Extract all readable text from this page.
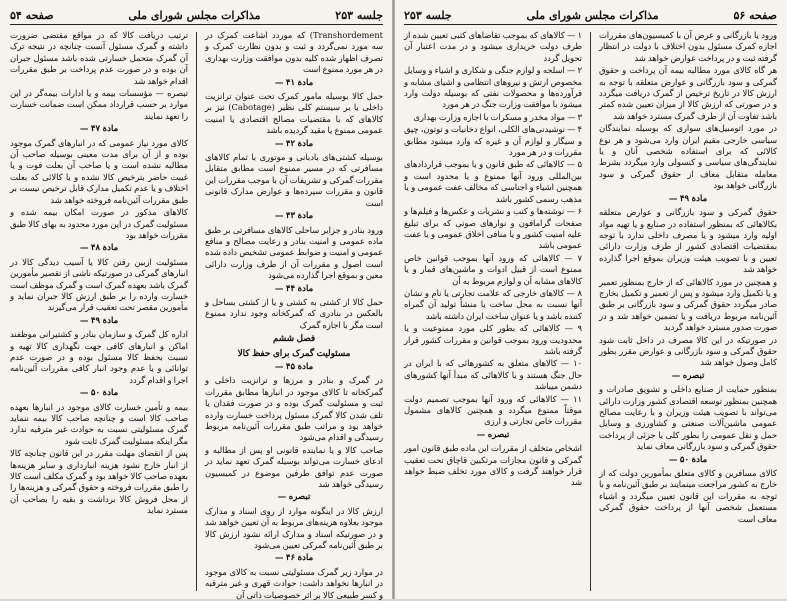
جلسه ۲۵۳
مذاکرات مجلس شورای ملی
صفحه ۵۴

Transhordement) که موردد اشاعت کمرک در سه مورد نمی‌گردد و ثبت و بدون نظارت کمرک و تصرف اظهار شده کلیه بدون موافقت وزارت بهداری در هر مورد ممنوع است

مادة ۴۱ —

حمل کالا بوسیله مامور کمرک تحت عنوان ترانزیت داخلی یا بر سیستم کلی نظیر (Cabotage) نیز بر کالاهای که با مقتضیات مصالح اقتصادی یا امنیت عمومی ممنوع یا مقید گردیده باشد

مادة ۴۲ —

بوسیله کشتی‌های بادبانی و موتوری با تمام کالاهای مسافرتی که در مسیر ممنوع است مطابق متقابل مقررات گمرکی و تشریفات آن با موجب مقررات این قانون و مقررات سپرده‌ها و عوارض مدارک قانونی است

مادة ۴۳ —

ورود بنادر و جزایر ساحلی کالاهای مسافرتی بر طبق ماده عمومی و امنیت بنادر و رعایت مصالح و منافع عمومی و امنیت و ضوابط عمومی تشخیص داده شده است اصول و مقررات آن از طرف وزارت دارائی معین و بموقع اجرا گذارده می‌شود

مادة ۴۴ —

حمل کالا از کشتی به کشتی و یا از کشتی بساحل و بالعکس در بنادری که گمرکخانه وجود ندارد ممنوع است مگر با اجازه گمرک

فصل ششم
مسئولیت گمرک برای حفظ کالا
مادة ۴۵ —

در گمرک و بنادر و مرزها و ترانزیت داخلی و گمرکخانه تا کالای موجود در انبارها مطابق مقررات ثبت و مسئولیت گمرک بوده و در صورت فقدان یا تلف شدن کالا گمرک مسئول پرداخت خسارت وارده خواهد بود و مراتب طبق مقررات آئین‌نامه مربوط رسیدگی و اقدام می‌شود

صاحب کالا و یا نماینده قانونی او پس از مطالبه و ادعای خسارت می‌تواند بوسیله گمرک تعهد نماید در صورت عدم توافق طرفین موضوع در کمیسیون رسیدگی خواهد شد

تبصره —

ارزش کالا در اینگونه موارد از روی اسناد و مدارک موجود بعلاوه هزینه‌های مربوط به آن تعیین خواهد شد و در صورتیکه اسناد و مدارک ارائه نشود ارزش کالا بر طبق آئین‌نامه گمرکی تعیین می‌شود

مادة ۴۶ —

در موارد زیر گمرک مسئولیتی نسبت به کالای موجود در انبارها نخواهد داشت: حوادث قهری و غیر مترقبه و کسر طبیعی کالا بر اثر خصوصیات ذاتی آن

ترتیب دریافت کالا که در مواقع مقتضی ضرورت داشته و گمرک مسئول آنست چنانچه در نتیجه ترک آن گمرک متحمل خسارتی شده باشد مسئول جبران آن بوده و در صورت عدم پرداخت بر طبق مقررات اقدام خواهد شد

تبصره — مؤسسات بیمه و یا ادارات بیمه‌گر در این موارد بر حسب قرارداد ممکن است ضمانت خسارت را تعهد نمایند

مادة ۴۷ —

کالای مورد نیاز عمومی که در انبارهای گمرک موجود بوده و از آن برای مدت معینی بوسیله صاحب آن مطالبه نشده است و یا صاحب آن بعلت فوت و یا غیبت حاضر بترخیص کالا نشده و یا کالائی که بعلت اختلاف و یا عدم تکمیل مدارک قابل ترخیص نیست بر طبق مقررات آئین‌نامه فروخته خواهد شد

کالاهای مذکور در صورت امکان بیمه شده و مسئولیت گمرک در این مورد محدود به بهای کالا طبق مقررات خواهد بود

مادة ۴۸ —

مسئولیت ازبین رفتن کالا یا آسیب دیدگی کالا در انبارهای گمرکی در صورتیکه ناشی از تقصیر مأمورین گمرک باشد بعهده گمرک است و گمرک موظف است خسارت وارده را بر طبق ارزش کالا جبران نماید و مأمورین مقصر تحت تعقیب قرار می‌گیرند

مادة ۴۹ —

اداره کل گمرک و سازمان بنادر و کشتیرانی موظفند اماکن و انبارهای کافی جهت نگهداری کالا تهیه و نسبت بحفظ کالا مسئول بوده و در صورت عدم توانائی و یا عدم وجود انبار کافی مقررات آئین‌نامه اجرا و اقدام گردد

مادة ۵۰ —

بیمه و تأمین خسارت کالای موجود در انبارها بعهده صاحب کالا است و چنانچه صاحب کالا بیمه ننماید گمرک مسئولیتی نسبت به حوادث غیر مترقبه ندارد مگر اینکه مسئولیت گمرک ثابت شود

پس از انقضای مهلت مقرر در این قانون چنانچه کالا از انبار خارج نشود هزینه انبارداری و سایر هزینه‌ها بعهده صاحب کالا خواهد بود و گمرک مکلف است کالا را طبق مقررات فروخته و حقوق گمرکی و هزینه‌ها را از محل فروش کالا برداشت و بقیه را بصاحب آن مسترد نماید

صفحه ۵۶
مذاکرات مجلس شورای ملی
جلسه ۲۵۳

ورود یا بازرگانی و عرض آن با کمیسیون‌های مقررات اجازه کمرک مسئول بدون اختلاف با دولت در انتظار گرفته ثبت و در پرداخت عوارض خواهد شد

هر گاه کالای مورد مطالبه بیمه آن پرداخت و حقوق گمرکی و سود بازرگانی و عوارض متعلقه با توجه به ارزش کالا در تاریخ ترخیص از گمرک دریافت میگردد و در صورتی که ارزش کالا از میزان تعیین شده کمتر باشد تفاوت آن از طرف گمرک مسترد خواهد شد

در مورد اتومبیل‌های سواری که بوسیله نمایندگان سیاسی خارجی مقیم ایران وارد می‌شود و هر نوع کالائی که برای استفاده شخصی آنان و یا نمایندگی‌های سیاسی و کنسولی وارد میگردد بشرط معامله متقابل معاف از حقوق گمرکی و سود بازرگانی خواهد بود

مادة ۴۹ —

حقوق گمرکی و سود بازرگانی و عوارض متعلقه بکالاهائی که بمنظور استفاده در صنایع و یا تهیه مواد اولیه وارد میشود و یا مصرف داخلی ندارد با توجه بمقتضیات اقتصادی کشور از طرف وزارت دارائی تعیین و با تصویب هیئت وزیران بموقع اجرا گذارده خواهد شد

و همچنین در مورد کالاهائی که از خارج بمنظور تعمیر و یا تکمیل وارد میشود و پس از تعمیر و تکمیل بخارج صادر میگردد حقوق گمرکی و سود بازرگانی بر طبق آئین‌نامه مربوط دریافت و یا تضمین خواهد شد و در صورت صدور مسترد خواهد گردید

در صورتیکه در این کالا مصرف در داخل ثابت شود حقوق گمرکی و سود بازرگانی و عوارض مقرر بطور کامل وصول خواهد شد

تبصره —

بمنظور حمایت از صنایع داخلی و تشویق صادرات و همچنین بمنظور توسعه اقتصادی کشور وزارت دارائی می‌تواند با تصویب هیئت وزیران و با رعایت مصالح عمومی ماشین‌آلات صنعتی و کشاورزی و وسایل حمل و نقل عمومی را بطور کلی یا جزئی از پرداخت حقوق گمرکی و سود بازرگانی معاف نماید

مادة ۵۰ —

کالای مسافرین و کالای متعلق بمأمورین دولت که از خارج به کشور مراجعت مینمایند بر طبق آئین‌نامه و با توجه به مقررات این قانون تعیین میگردد و اشیاء مستعمل شخصی آنها از پرداخت حقوق گمرکی معاف است

۱ — کالاهای که بموجب تقاضاهای کتبی تعیین شده از طرف دولت خریداری میشود و در مدت اعتبار آن تحویل گردد

۲ — اسلحه و لوازم جنگی و شکاری و اشیاء و وسایل مخصوص ارتش و نیروهای انتظامی و اشیای مشابه و فرآورده‌ها و محصولات نفتی که بوسیله دولت وارد میشود با موافقت وزارت جنگ در هر مورد

۳ — مواد مخدر و مسکرات با اجازه وزارت بهداری

۴ — نوشیدنی‌های الکلی، انواع دخانیات و توتون، چپق و سیگار و لوازم آن و غیره که وارد میشود مطابق مقررات و در هر مورد

۵ — کالاهائی که طبق قانون و یا بموجب قراردادهای بین‌المللی ورود آنها ممنوع و یا محدود است و همچنین اشیاء و اجناسی که مخالف عفت عمومی و یا مذهب رسمی کشور باشد

۶ — نوشته‌ها و کتب و نشریات و عکس‌ها و فیلم‌ها و صفحات گرامافون و نوارهای صوتی که برای تبلیغ علیه امنیت کشور و یا منافی اخلاق عمومی و یا عفت عمومی باشد

۷ — کالاهائی که ورود آنها بموجب قوانین خاص ممنوع است از قبیل ادوات و ماشین‌های قمار و یا کالاهای مشابه آن و لوازم مربوط به آن

۸ — کالاهای خارجی که علامت تجارتی یا نام و نشان آنها نسبت به محل ساخت یا منشأ تولید آن گمراه کننده باشد و یا عنوان ساخت ایران داشته باشد

۹ — کالاهائی که بطور کلی مورد ممنوعیت و یا محدودیت ورود بموجب قوانین و مقررات کشور قرار گرفته باشد

۱۰ — کالاهای متعلق به کشورهائی که با ایران در حال جنگ هستند و یا کالاهائی که مبدأ آنها کشورهای دشمن میباشد

۱۱ — کالاهائی که ورود آنها بموجب تصمیم دولت موقتاً ممنوع میگردد و همچنین کالاهای مشمول مقررات خاص تجارتی و ارزی

تبصره —

اشخاص متخلف از مقررات این ماده طبق قانون امور گمرکی و قانون مجازات مرتکبین قاچاق تحت تعقیب قرار خواهند گرفت و کالای مورد تخلف ضبط خواهد شد
